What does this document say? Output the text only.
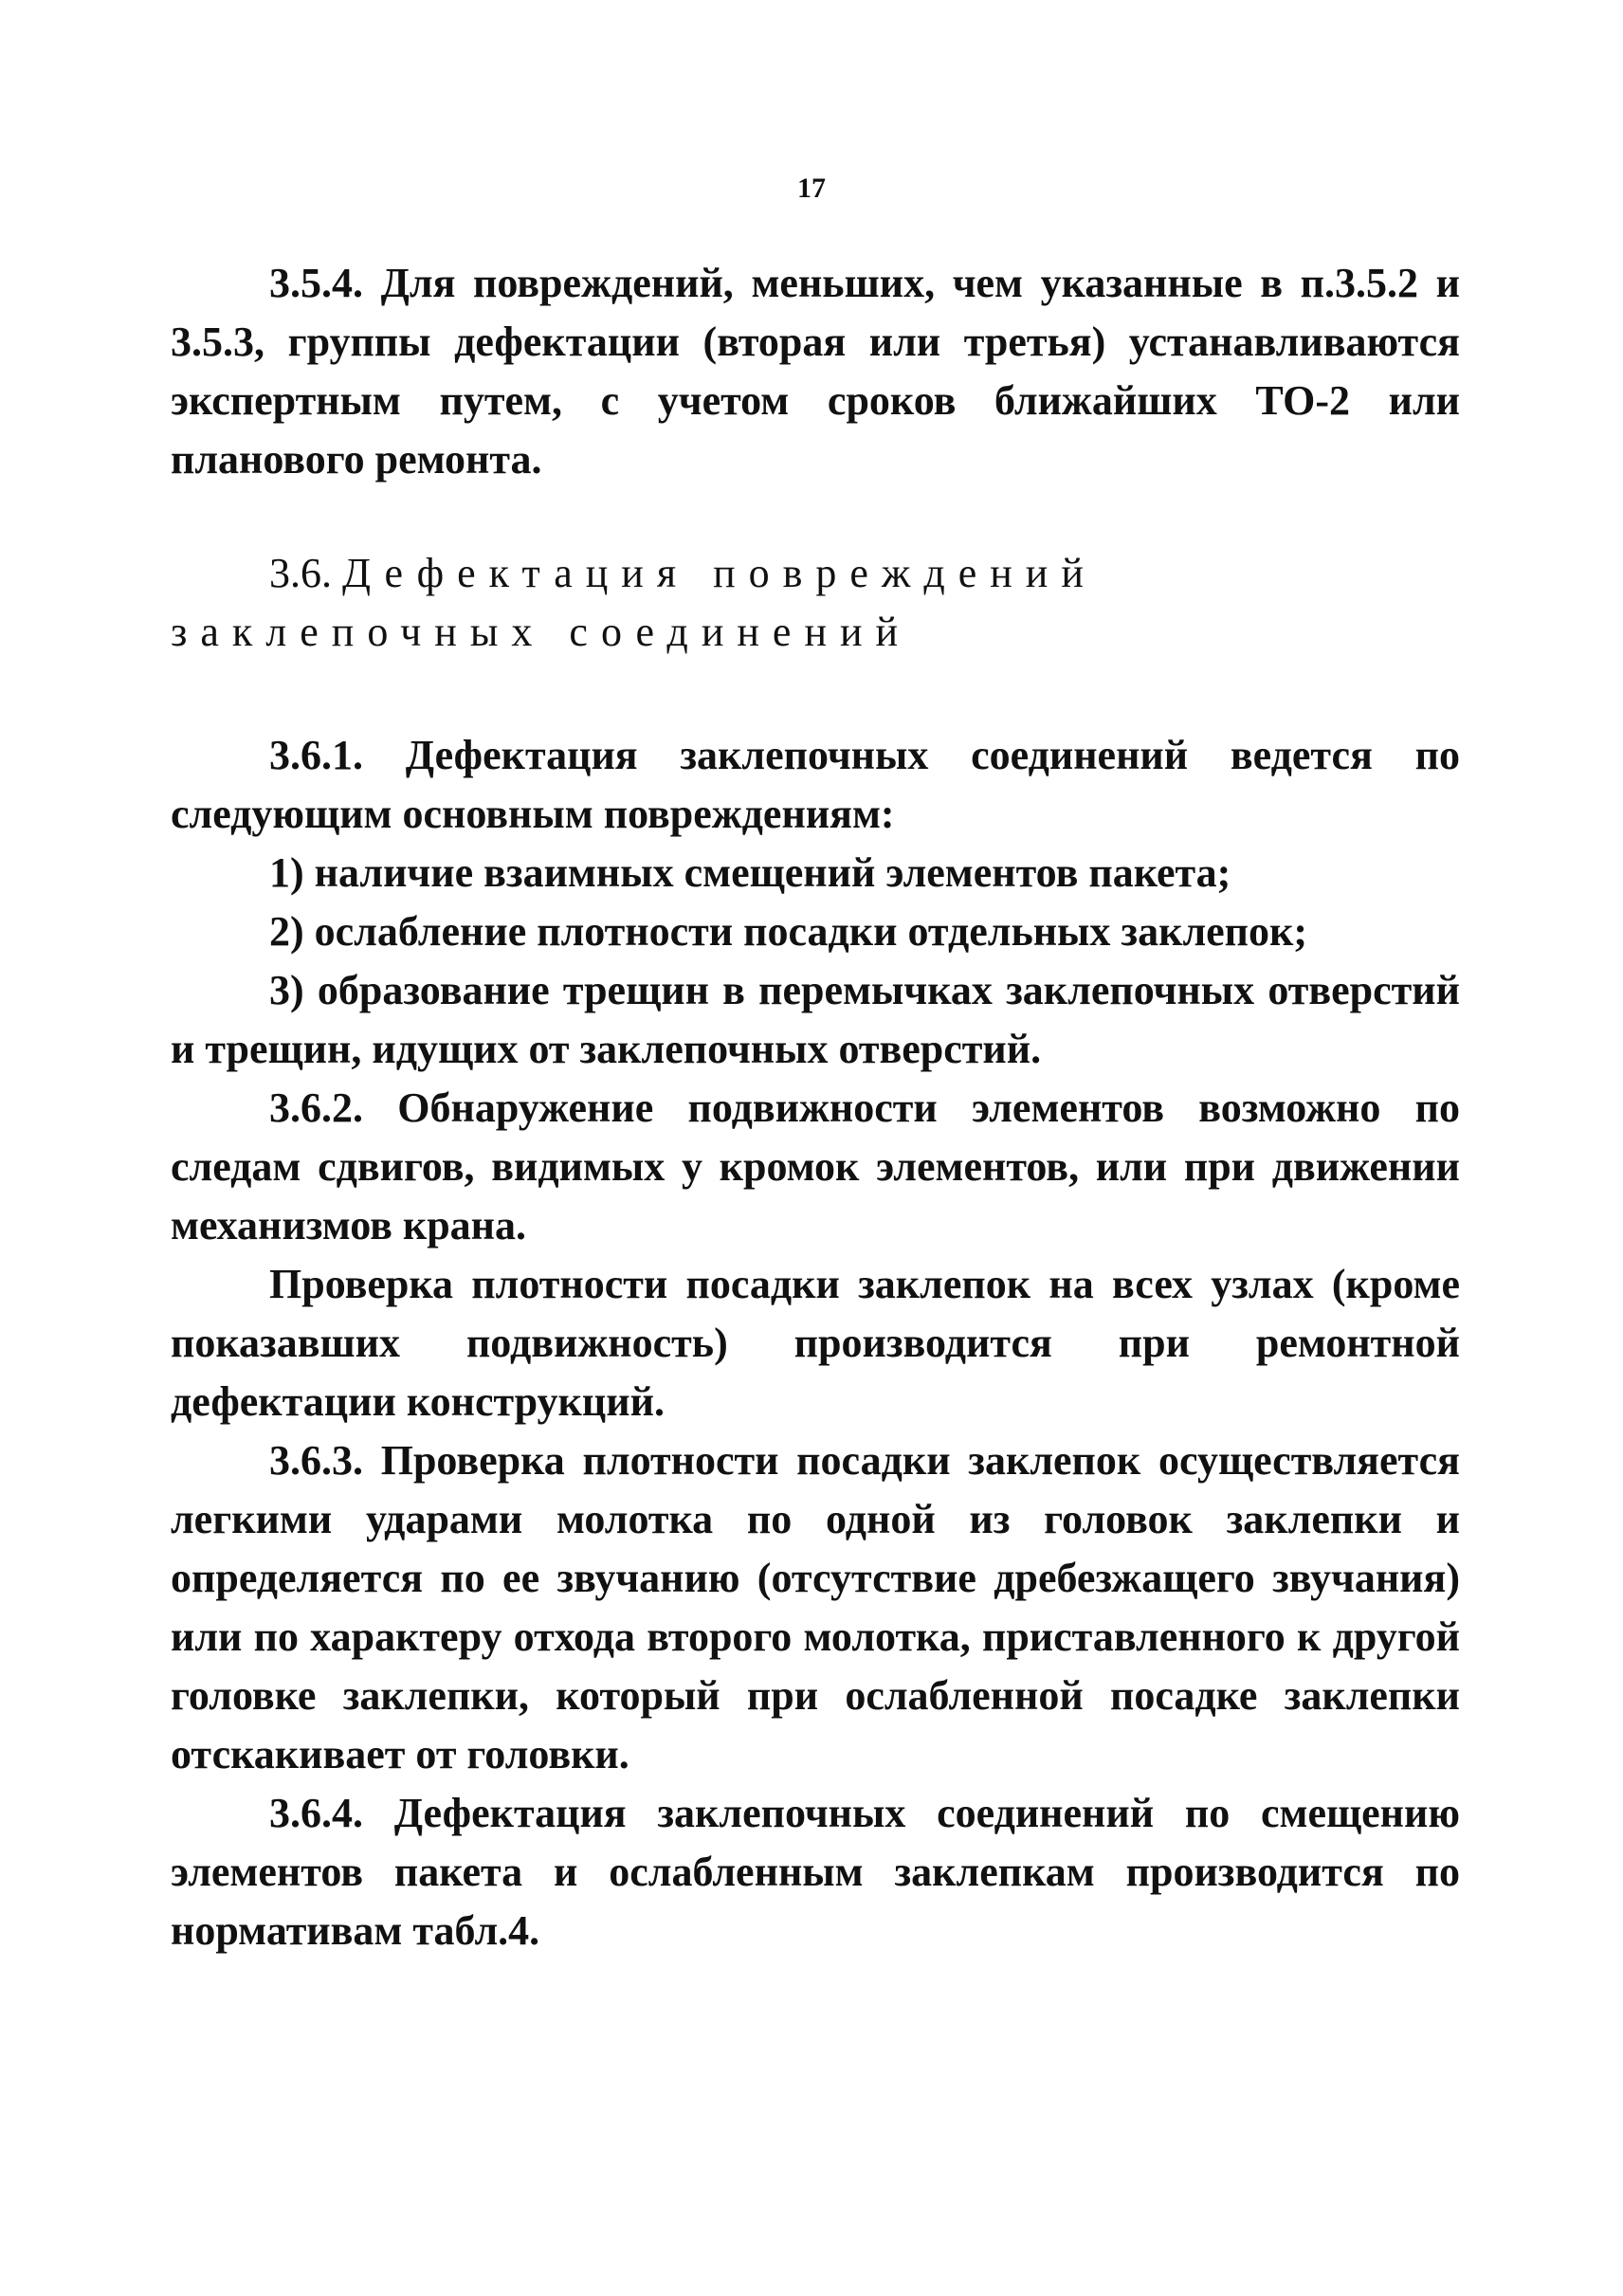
17

3.5.4. Для повреждений, меньших, чем указанные в п.3.5.2 и 3.5.3, группы дефектации (вторая или третья) устанавливаются экспертным путем, с учетом сроков ближайших ТО-2 или планового ремонта.

3.6. Дефектация повреждений заклепочных соединений

3.6.1. Дефектация заклепочных соединений ведется по следующим основным повреждениям:

1) наличие взаимных смещений элементов пакета;

2) ослабление плотности посадки отдельных заклепок;

3) образование трещин в перемычках заклепочных отверстий и трещин, идущих от заклепочных отверстий.

3.6.2. Обнаружение подвижности элементов возможно по следам сдвигов, видимых у кромок элементов, или при движении механизмов крана.

Проверка плотности посадки заклепок на всех узлах (кроме показавших подвижность) производится при ремонтной дефектации конструкций.

3.6.3. Проверка плотности посадки заклепок осуществляется легкими ударами молотка по одной из головок заклепки и определяется по ее звучанию (отсутствие дребезжащего звучания) или по характеру отхода второго молотка, приставленного к другой головке заклепки, который при ослабленной посадке заклепки отскакивает от головки.

3.6.4. Дефектация заклепочных соединений по смещению элементов пакета и ослабленным заклепкам производится по нормативам табл.4.
